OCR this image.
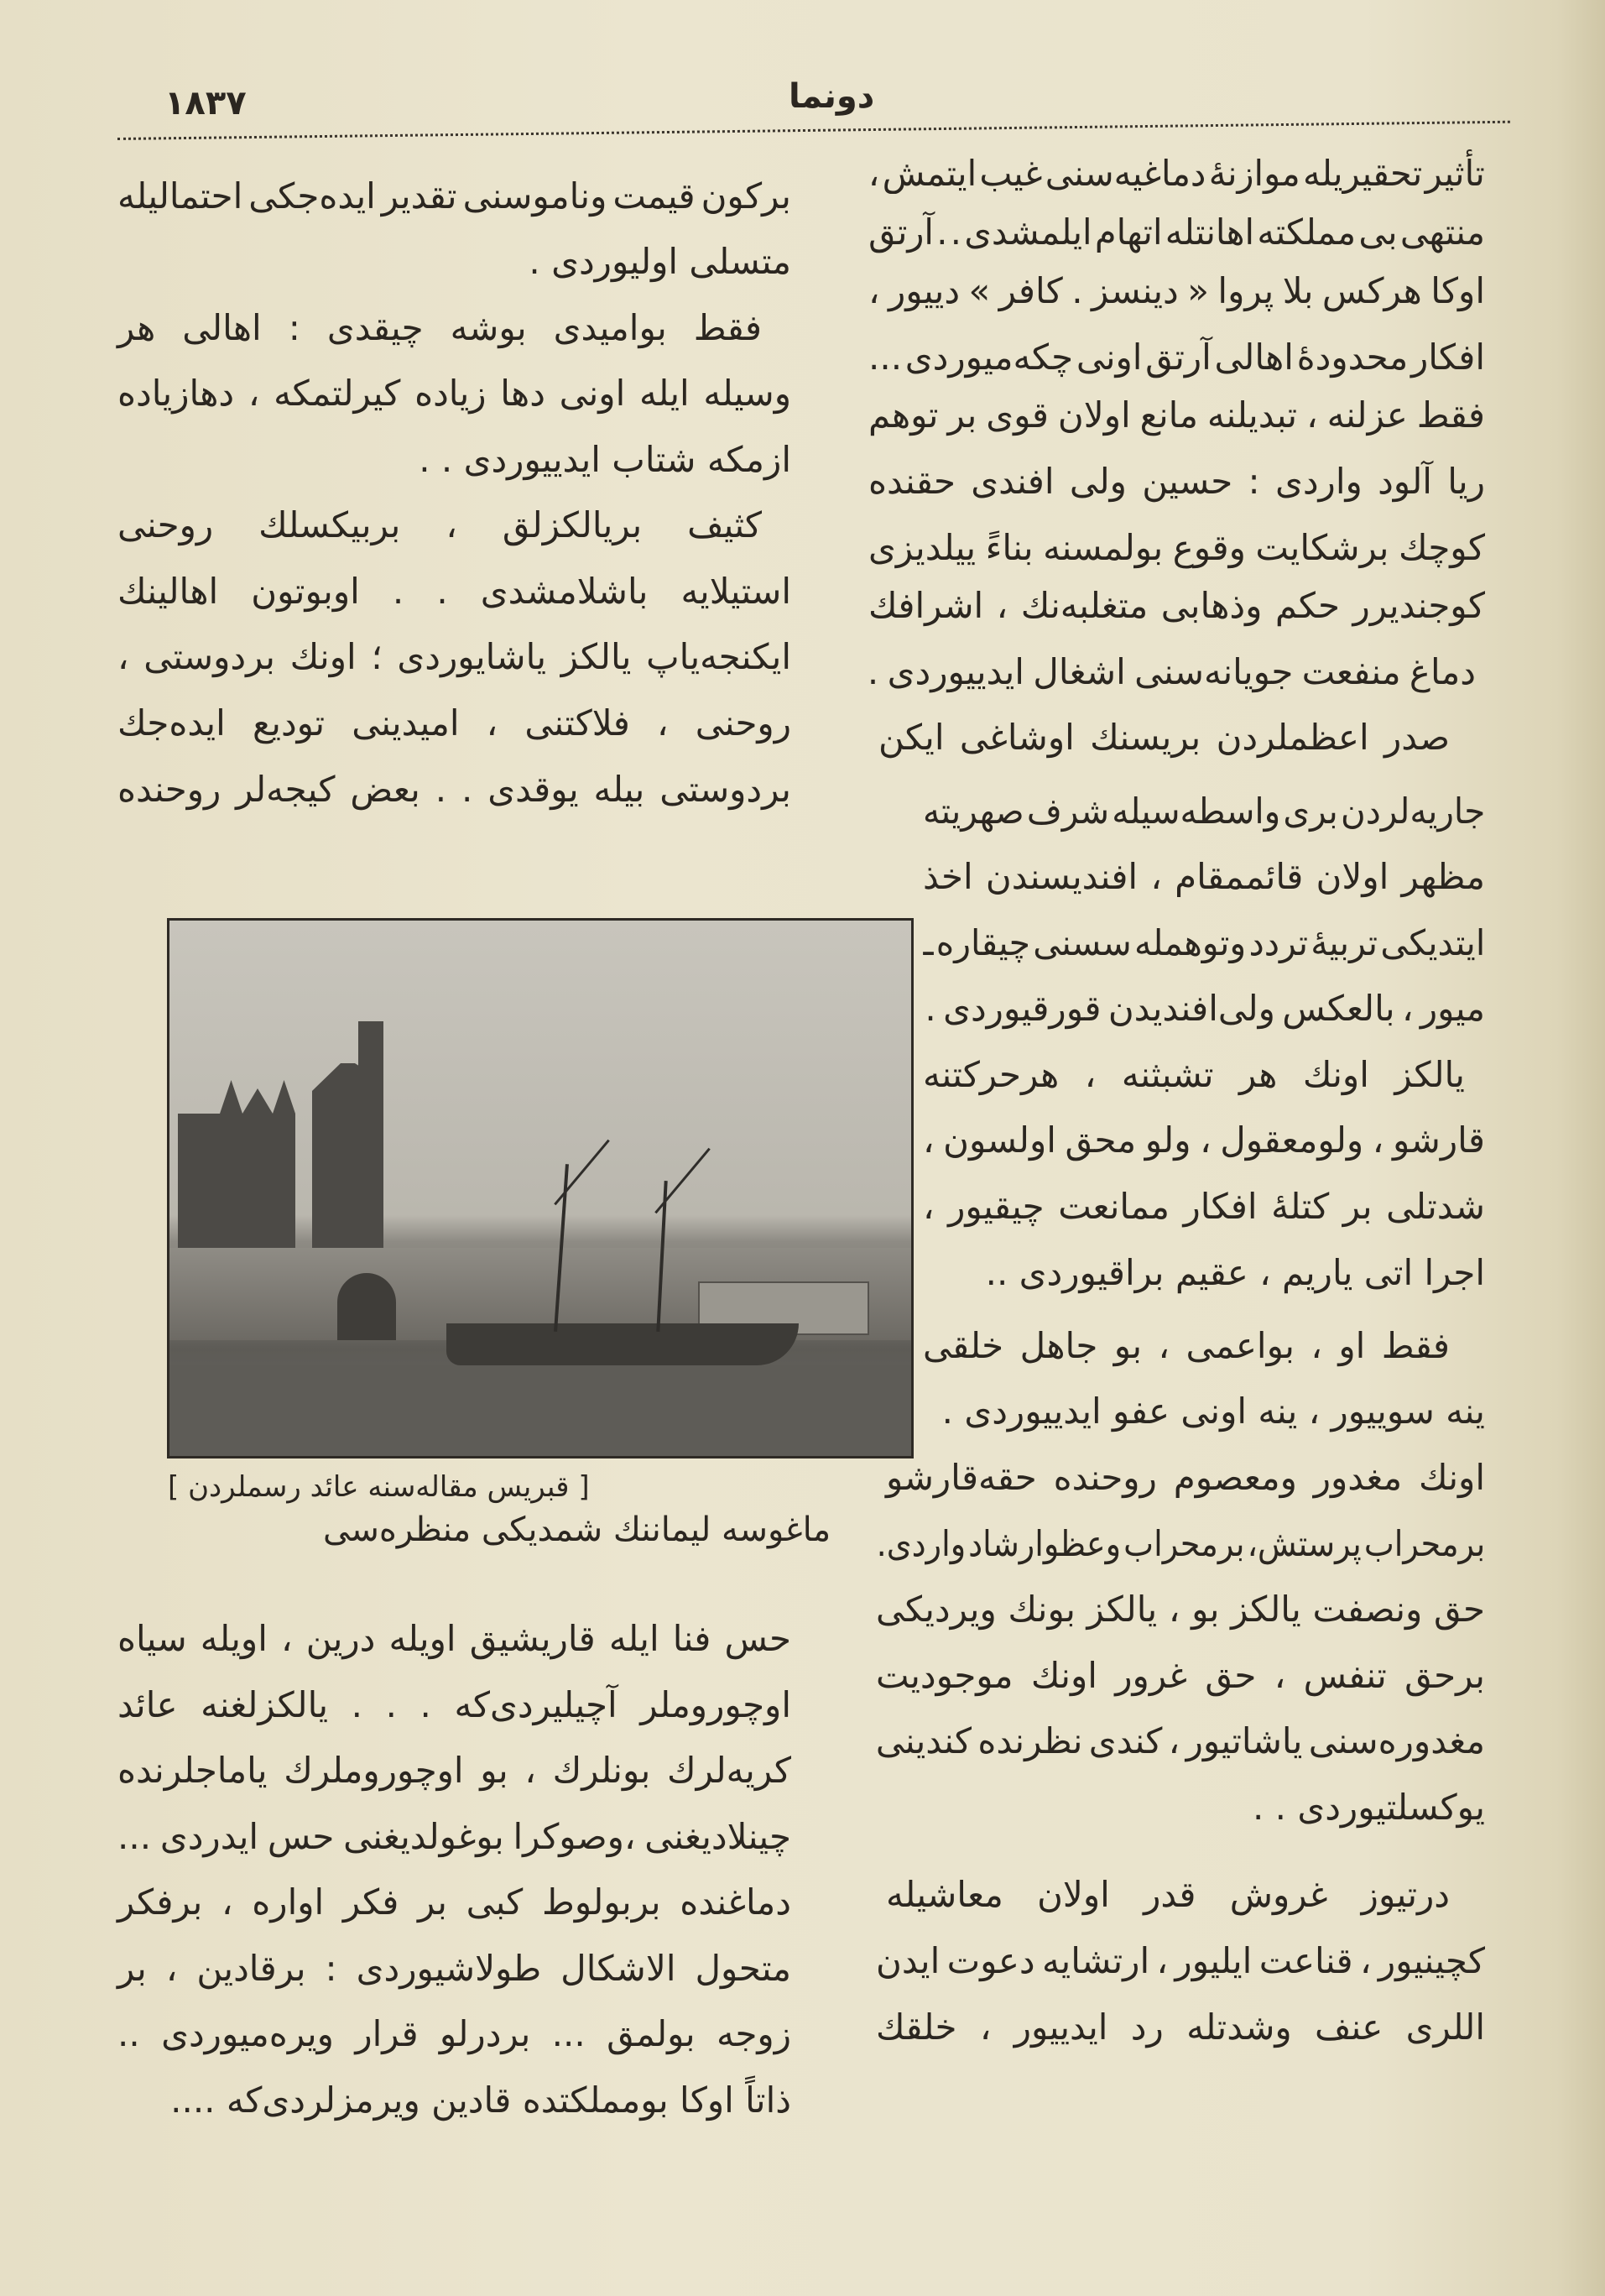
١٨٣٧	دونما
تأثیر تحقیریله موازنهٔ دماغیه‌سنی غیب ایتمش ،
منتهی بی مملکته اهانتله اتهام ایلمشدی . . آرتق
اوکا هرکس بلا پروا « دینسز . کافر » دییور ،
افکار محدودهٔ اهالی آرتق اونی چکه‌میوردی ...
فقط عزلنه ، تبدیلنه مانع اولان قوی بر توهم
ریا آلود واردی : حسین ولی افندی حقنده
کوچك برشکایت وقوع بولمسنه بناءً ییلدیزی
کوجندیرر حکم وذهابی متغلبه‌نك ، اشرافك
دماغ منفعت جویانه‌سنی اشغال ایدییوردی .
صدر اعظملردن بریسنك اوشاغی ایکن
جاریه‌لردن بری واسطه‌سیله شرف صهریته
مظهر اولان قائممقام ، افندیسندن اخذ
ایتدیکی تربیهٔ تردد وتوهمله سسنی چیقاره ـ
میور ، بالعکس ولی‌افندیدن قورقیوردی .
یالکز اونك هر تشبثنه ، هرحرکتنه
قارشو ، ولومعقول ، ولو محق اولسون ،
شدتلی بر کتلهٔ افکار ممانعت چیقیور ،
اجرا اتی یاریم ، عقیم براقیوردی ..
فقط او ، بواعمی ، بو جاهل خلقی
ینه سوییور ، ینه اونی عفو ایدییوردی .
اونك مغدور ومعصوم روحنده حقه‌قارشو
برمحراب پرستش، برمحراب وعظوارشاد واردی.
حق ونصفت یالکز بو ، یالکز بونك ویردیکی
برحق تنفس ، حق غرور اونك موجودیت
مغدوره‌سنی یاشاتیور ، کندی نظرنده کندینی
یوکسلتیوردی . .
درتیوز غروش قدر اولان معاشیله
کچینیور ، قناعت ایلیور ، ارتشایه دعوت ایدن
اللری عنف وشدتله رد ایدییور ، خلقك
برکون قیمت وناموسنی تقدیر ایده‌جکی احتمالیله
متسلی اولیوردی .
فقط بوامیدی بوشه چیقدی : اهالی هر
وسیله ایله اونی دها زیاده کیرلتمکه ، دهازیاده
ازمکه شتاب ایدییوردی . .
کثیف بریالکزلق ، بربیکسلك روحنی
استیلایه باشلامشدی . . اوبوتون اهالینك
ایکنجه‌یاپ یالکز یاشایوردی ؛ اونك بردوستی ،
روحنی ، فلاکتنی ، امیدینی تودیع ایده‌جك
بردوستی بیله یوقدی . . بعض کیجه‌لر روحنده
حس فنا ایله قاریشیق اویله درین ، اویله سیاه
اوچوروملر آچیلیردی‌که . . . یالکزلغنه عائد
کریه‌لرك بونلرك ، بو اوچوروملرك یاماجلرنده
چینلادیغنی ،وصوکرا بوغولدیغنی حس ایدردی ...
دماغنده بربولوط کبی بر فکر اواره ، برفکر
متحول الاشکال طولاشیوردی : برقادین ، بر
زوجه بولمق ... بردرلو قرار ویره‌میوردی ..
ذاتاً اوکا بومملکتده قادین ویرمزلردی‌که ....
[ قبریس مقاله‌سنه عائد رسملردن ]
ماغوسه لیماننك شمدیکی منظره‌سی
